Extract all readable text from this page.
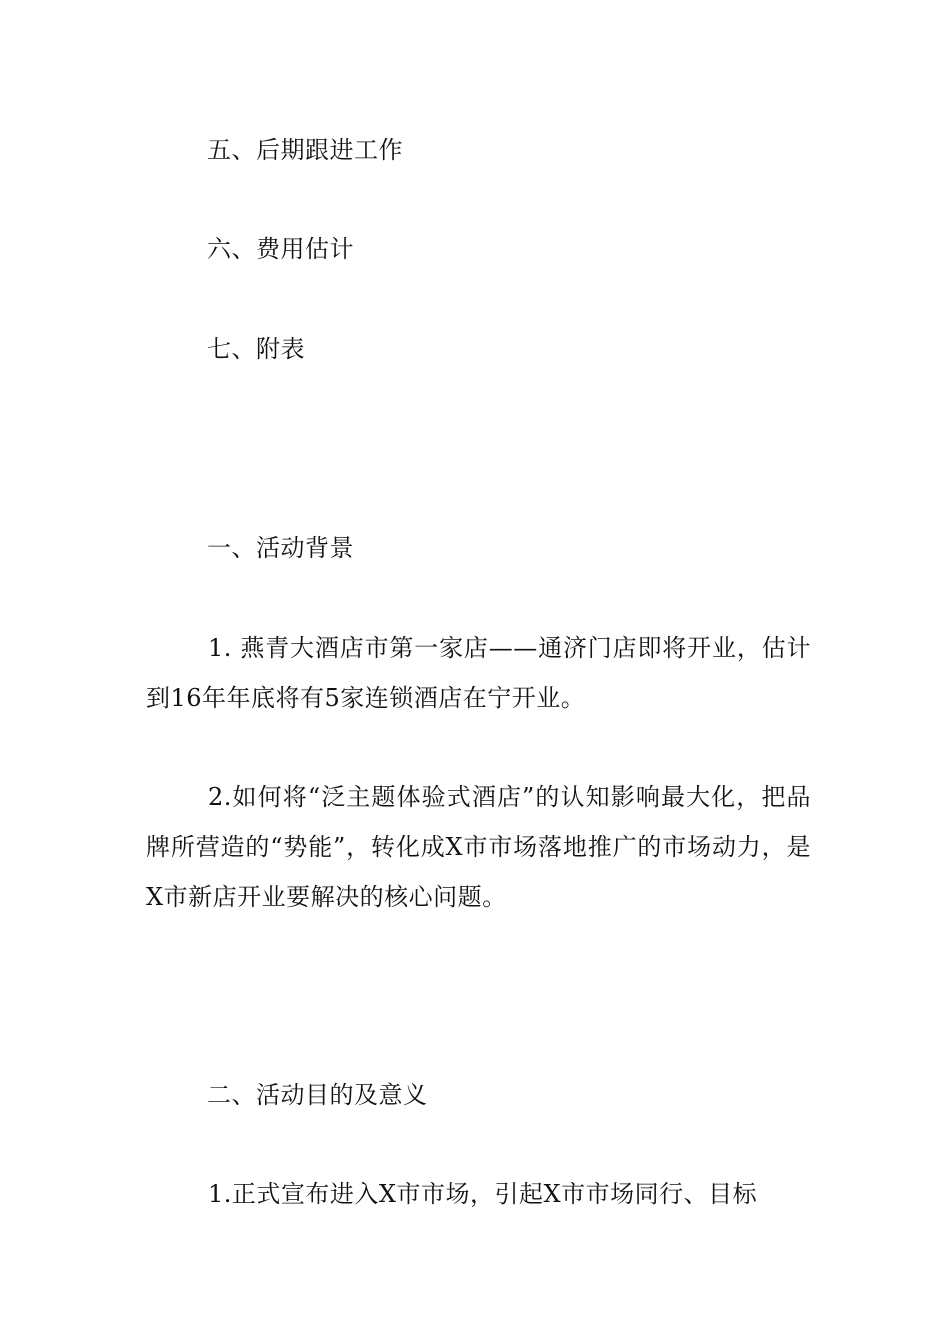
五、后期跟进工作
六、费用估计
七、附表
一、活动背景
1. 燕青大酒店市第一家店——通济门店即将开业，估计到16年年底将有5家连锁酒店在宁开业。
2.如何将“泛主题体验式酒店”的认知影响最大化，把品牌所营造的“势能”，转化成X市市场落地推广的市场动力，是X市新店开业要解决的核心问题。
二、活动目的及意义
1.正式宣布进入X市市场，引起X市市场同行、目标
